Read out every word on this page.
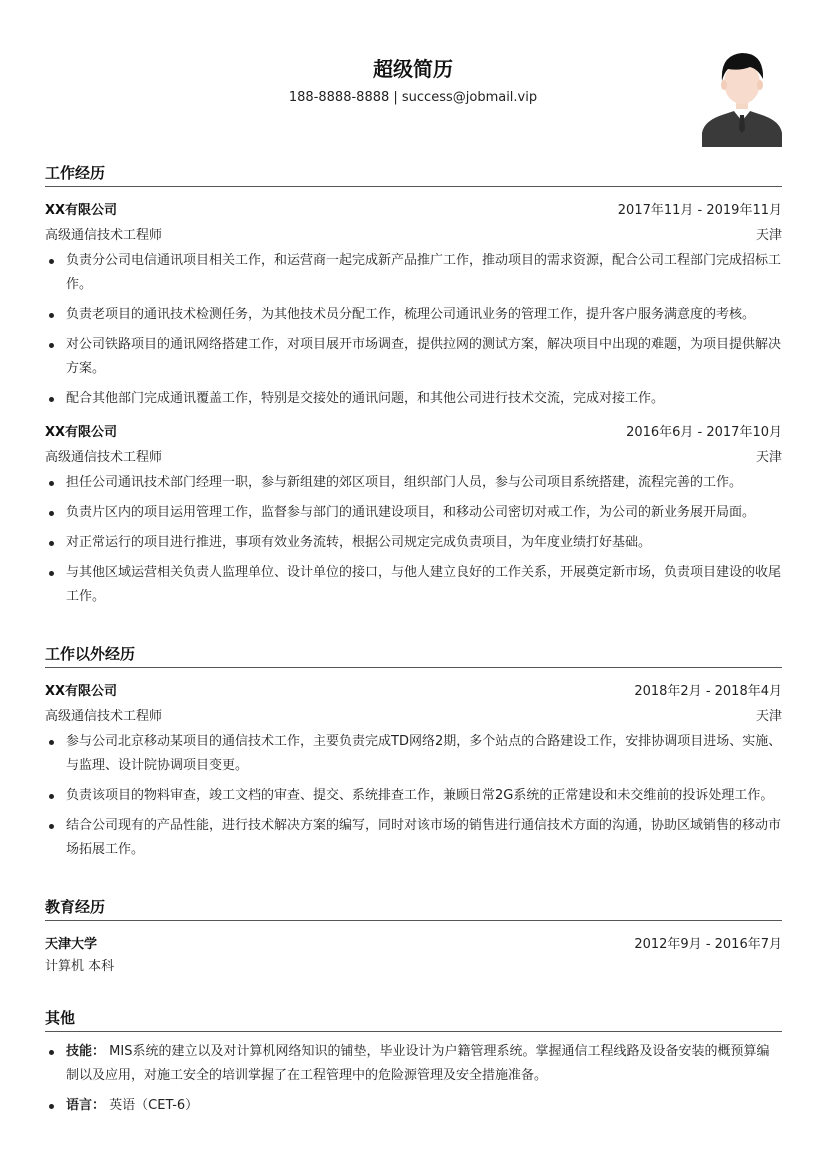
超级简历
188-8888-8888 | success@jobmail.vip
工作经历
XX有限公司	2017年11月 - 2019年11月
高级通信技术工程师	天津
负责分公司电信通讯项目相关工作，和运营商一起完成新产品推广工作，推动项目的需求资源，配合公司工程部门完成招标工作。
负责老项目的通讯技术检测任务，为其他技术员分配工作，梳理公司通讯业务的管理工作，提升客户服务满意度的考核。
对公司铁路项目的通讯网络搭建工作，对项目展开市场调查，提供拉网的测试方案，解决项目中出现的难题，为项目提供解决方案。
配合其他部门完成通讯覆盖工作，特别是交接处的通讯问题，和其他公司进行技术交流，完成对接工作。
XX有限公司	2016年6月 - 2017年10月
高级通信技术工程师	天津
担任公司通讯技术部门经理一职，参与新组建的郊区项目，组织部门人员，参与公司项目系统搭建，流程完善的工作。
负责片区内的项目运用管理工作，监督参与部门的通讯建设项目，和移动公司密切对戒工作，为公司的新业务展开局面。
对正常运行的项目进行推进，事项有效业务流转，根据公司规定完成负责项目，为年度业绩打好基础。
与其他区域运营相关负责人监理单位、设计单位的接口，与他人建立良好的工作关系，开展奠定新市场，负责项目建设的收尾工作。
工作以外经历
XX有限公司	2018年2月 - 2018年4月
高级通信技术工程师	天津
参与公司北京移动某项目的通信技术工作，主要负责完成TD网络2期，多个站点的合路建设工作，安排协调项目进场、实施、与监理、设计院协调项目变更。
负责该项目的物料审查，竣工文档的审查、提交、系统排查工作，兼顾日常2G系统的正常建设和未交维前的投诉处理工作。
结合公司现有的产品性能，进行技术解决方案的编写，同时对该市场的销售进行通信技术方面的沟通，协助区域销售的移动市场拓展工作。
教育经历
天津大学	2012年9月 - 2016年7月
计算机 本科
其他
技能： MIS系统的建立以及对计算机网络知识的铺垫，毕业设计为户籍管理系统。掌握通信工程线路及设备安装的概预算编制以及应用，对施工安全的培训掌握了在工程管理中的危险源管理及安全措施准备。
语言： 英语（CET-6）
